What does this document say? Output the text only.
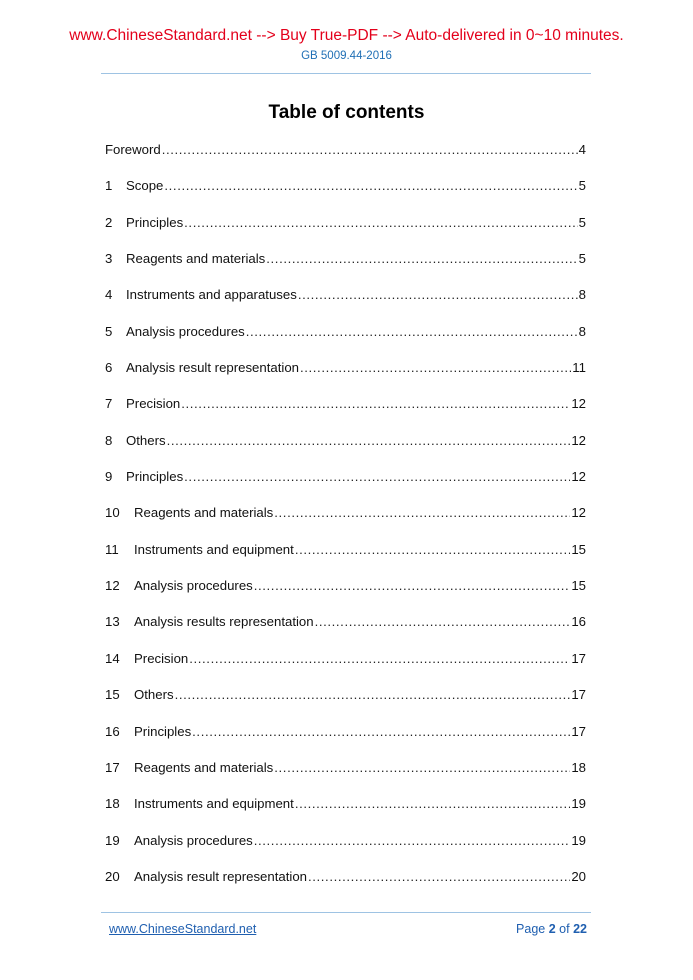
www.ChineseStandard.net --> Buy True-PDF --> Auto-delivered in 0~10 minutes.
GB 5009.44-2016
Table of contents
Foreword .....	4
1	Scope .....	5
2	Principles .....	5
3	Reagents and materials .....	5
4	Instruments and apparatuses .....	8
5	Analysis procedures .....	8
6	Analysis result representation .....	11
7	Precision .....	12
8	Others .....	12
9	Principles .....	12
10	Reagents and materials .....	12
11	Instruments and equipment .....	15
12	Analysis procedures .....	15
13	Analysis results representation .....	16
14	Precision .....	17
15	Others .....	17
16	Principles .....	17
17	Reagents and materials .....	18
18	Instruments and equipment .....	19
19	Analysis procedures .....	19
20	Analysis result representation .....	20
www.ChineseStandard.net	Page 2 of 22
